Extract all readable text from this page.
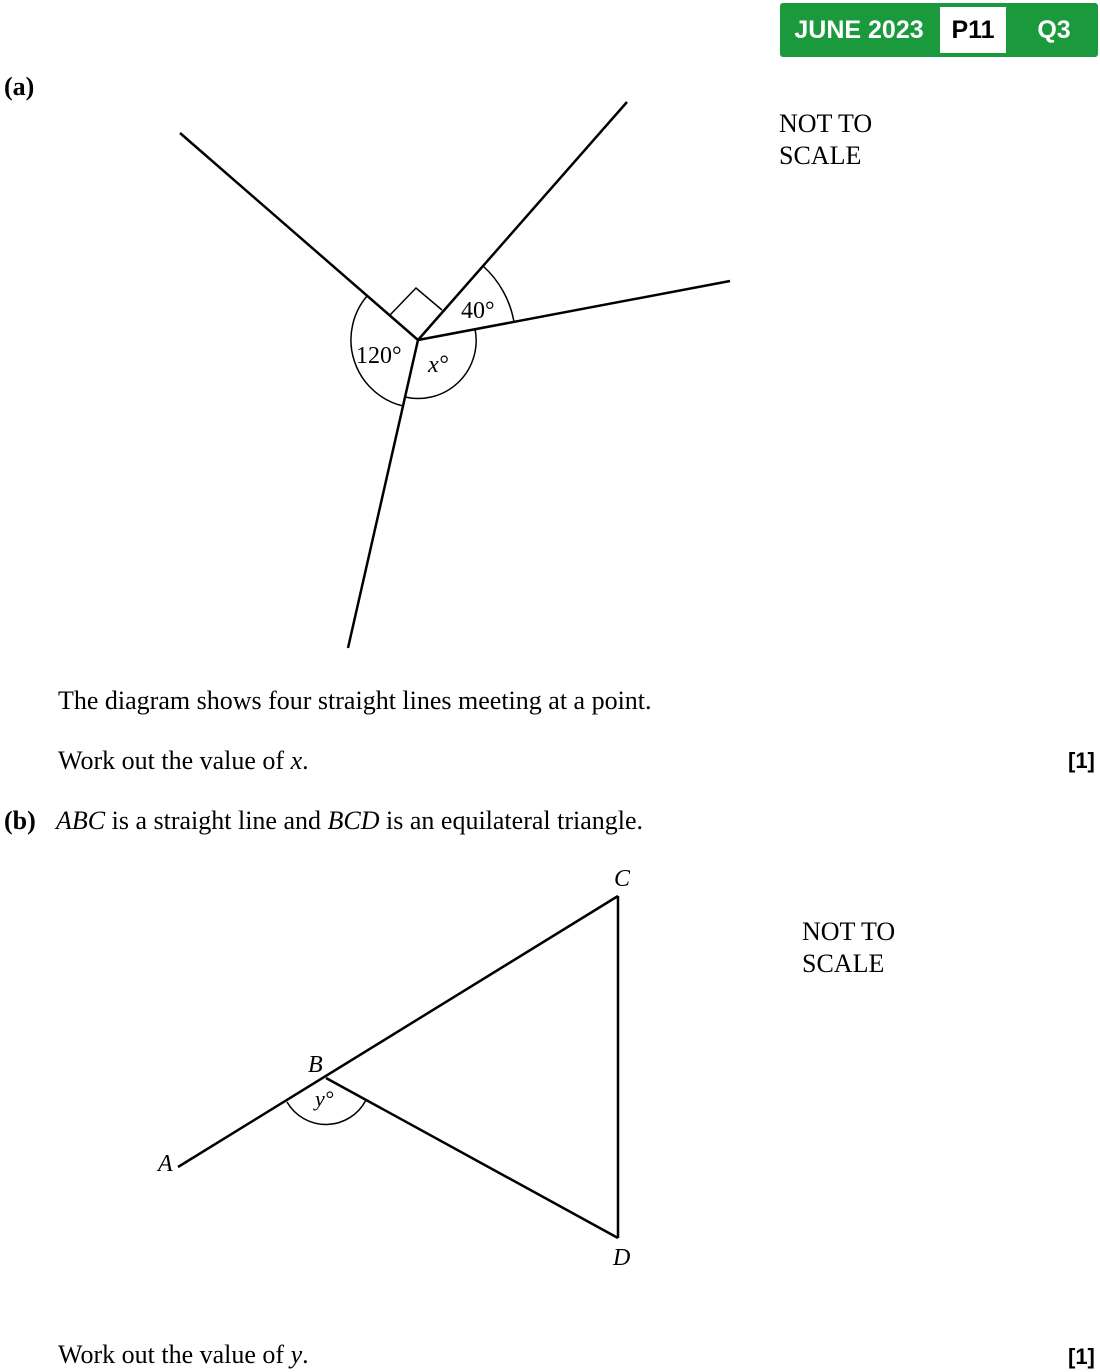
JUNE 2023	P11	Q3
(a)
NOT TO
SCALE
40°
120° x°
The diagram shows four straight lines meeting at a point.
Work out the value of x.	[1]
(b) ABC is a straight line and BCD is an equilateral triangle.
NOT TO
SCALE
A
B
C
D
y°
Work out the value of y.	[1]
